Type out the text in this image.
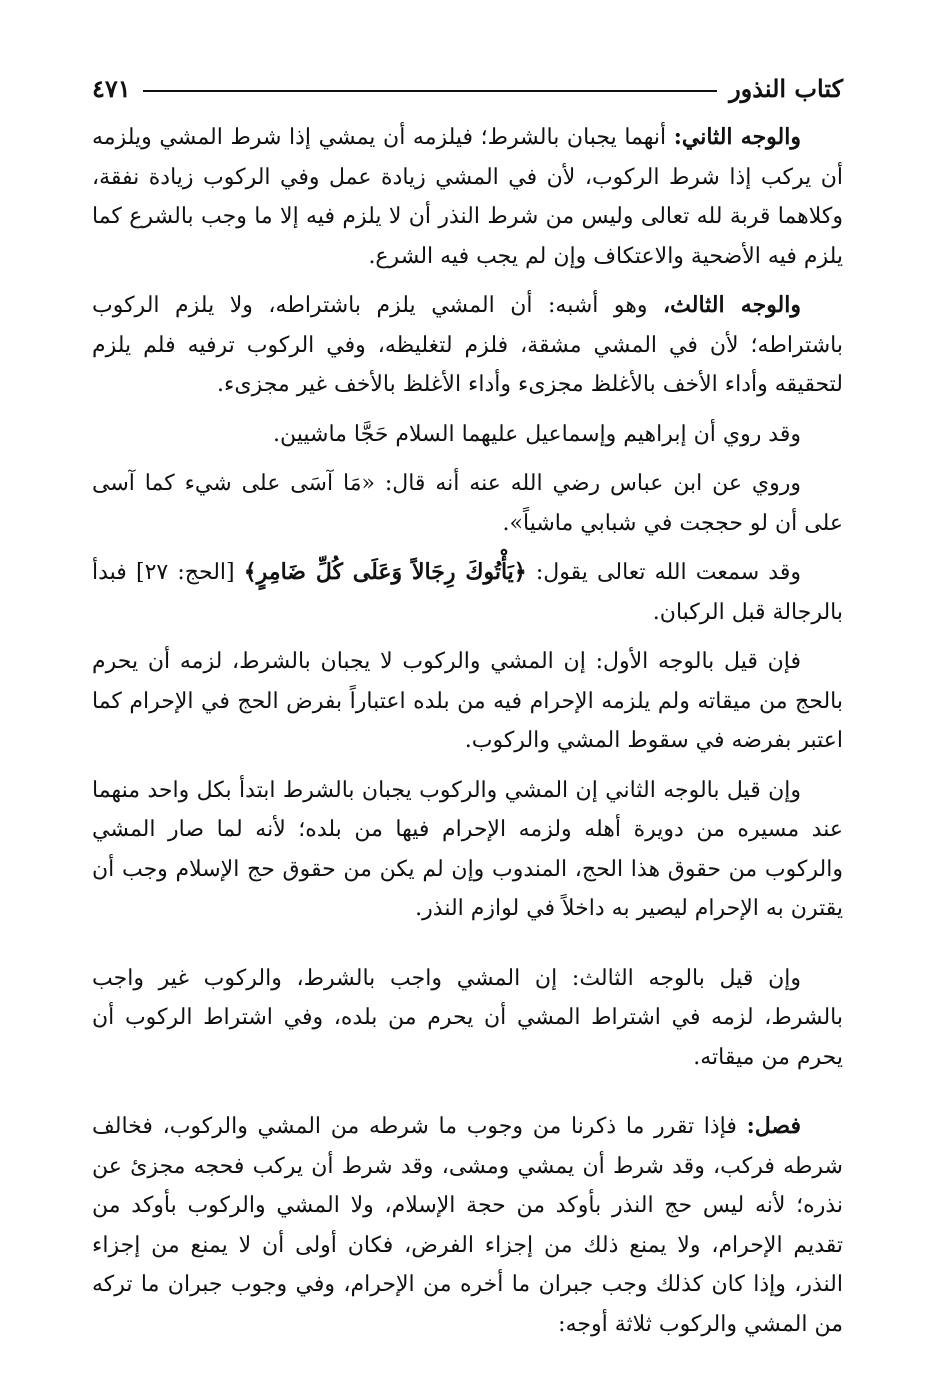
كتاب النذور
٤٧١

والوجه الثاني: أنهما يجبان بالشرط؛ فيلزمه أن يمشي إذا شرط المشي ويلزمه أن يركب إذا شرط الركوب، لأن في المشي زيادة عمل وفي الركوب زيادة نفقة، وكلاهما قربة لله تعالى وليس من شرط النذر أن لا يلزم فيه إلا ما وجب بالشرع كما يلزم فيه الأضحية والاعتكاف وإن لم يجب فيه الشرع.

والوجه الثالث، وهو أشبه: أن المشي يلزم باشتراطه، ولا يلزم الركوب باشتراطه؛ لأن في المشي مشقة، فلزم لتغليظه، وفي الركوب ترفيه فلم يلزم لتحقيقه وأداء الأخف بالأغلظ مجزىء وأداء الأغلظ بالأخف غير مجزىء.

وقد روي أن إبراهيم وإسماعيل عليهما السلام حَجَّا ماشيين.

وروي عن ابن عباس رضي الله عنه أنه قال: «مَا آسَى على شيء كما آسى على أن لو حججت في شبابي ماشياً».

وقد سمعت الله تعالى يقول: ﴿يَأْتُوكَ رِجَالاً وَعَلَى كُلِّ ضَامِرٍ﴾ [الحج: ٢٧] فبدأ بالرجالة قبل الركبان.

فإن قيل بالوجه الأول: إن المشي والركوب لا يجبان بالشرط، لزمه أن يحرم بالحج من ميقاته ولم يلزمه الإحرام فيه من بلده اعتباراً بفرض الحج في الإحرام كما اعتبر بفرضه في سقوط المشي والركوب.

وإن قيل بالوجه الثاني إن المشي والركوب يجبان بالشرط ابتدأ بكل واحد منهما عند مسيره من دويرة أهله ولزمه الإحرام فيها من بلده؛ لأنه لما صار المشي والركوب من حقوق هذا الحج، المندوب وإن لم يكن من حقوق حج الإسلام وجب أن يقترن به الإحرام ليصير به داخلاً في لوازم النذر.

وإن قيل بالوجه الثالث: إن المشي واجب بالشرط، والركوب غير واجب بالشرط، لزمه في اشتراط المشي أن يحرم من بلده، وفي اشتراط الركوب أن يحرم من ميقاته.

فصل: فإذا تقرر ما ذكرنا من وجوب ما شرطه من المشي والركوب، فخالف شرطه فركب، وقد شرط أن يمشي ومشى، وقد شرط أن يركب فحجه مجزئ عن نذره؛ لأنه ليس حج النذر بأوكد من حجة الإسلام، ولا المشي والركوب بأوكد من تقديم الإحرام، ولا يمنع ذلك من إجزاء الفرض، فكان أولى أن لا يمنع من إجزاء النذر، وإذا كان كذلك وجب جبران ما أخره من الإحرام، وفي وجوب جبران ما تركه من المشي والركوب ثلاثة أوجه:
